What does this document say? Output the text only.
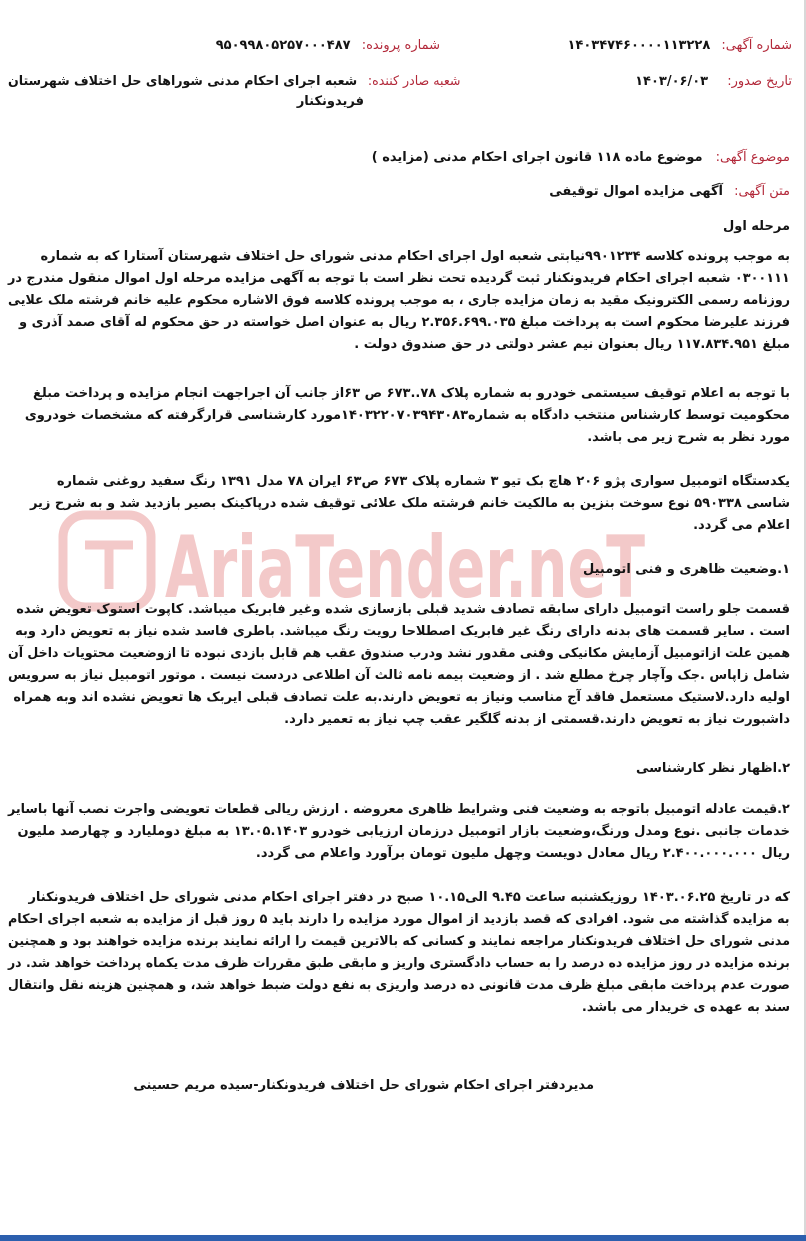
AriaTender.neT
شماره آگهی: ۱۴۰۳۴۷۴۶۰۰۰۰۱۱۳۲۲۸
شماره پرونده: ۹۵۰۹۹۸۰۵۲۵۷۰۰۰۴۸۷
تاریخ صدور: ۱۴۰۳/۰۶/۰۳
شعبه صادر کننده: شعبه اجرای احکام مدنی شوراهای حل اختلاف شهرستان
فریدونکنار
موضوع آگهی: موضوع ماده ۱۱۸ قانون اجرای احکام مدنی (مزایده )
متن آگهی: آگهی مزایده اموال توقیفی
مرحله اول
به موجب پرونده کلاسه ۹۹۰۱۲۳۴نیابتی شعبه اول اجرای احکام مدنی شورای حل اختلاف شهرستان آستارا که به شماره
۰۳۰۰۱۱۱ شعبه اجرای احکام فریدونکنار ثبت گردیده تحت نظر است با توجه به آگهی مزایده مرحله اول اموال منقول مندرج در
روزنامه رسمی الکترونیک مقید به زمان مزایده جاری ، به موجب پرونده کلاسه فوق الاشاره محکوم علیه خانم فرشته ملک علایی
فرزند علیرضا محکوم است به پرداخت مبلغ ۲.۳۵۶.۶۹۹.۰۳۵ ریال به عنوان اصل خواسته در حق محکوم له آقای صمد آذری و
مبلغ ۱۱۷.۸۳۴.۹۵۱ ریال بعنوان نیم عشر دولتی در حق صندوق دولت .
با توجه به اعلام توقیف سیستمی خودرو به شماره پلاک ۷۸..۶۷۳ ص ۶۳از جانب آن اجراجهت انجام مزایده و پرداخت مبلغ
محکومیت توسط کارشناس منتخب دادگاه به شماره۱۴۰۳۲۲۰۷۰۳۹۴۳۰۸۳مورد کارشناسی قرارگرفته که مشخصات خودروی
مورد نظر به شرح زیر می باشد.
یکدستگاه اتومبیل سواری پژو ۲۰۶ هاچ بک تیو ۳ شماره پلاک ۶۷۳ ص۶۳ ایران ۷۸ مدل ۱۳۹۱ رنگ سفید روغنی شماره
شاسی ۵۹۰۳۳۸ نوع سوخت بنزین به مالکیت خانم فرشته ملک علائی توقیف شده درپاکینک بصیر بازدید شد و به شرح زیر
اعلام می گردد.
۱.وضعیت ظاهری و فنی اتومبیل
قسمت جلو راست اتومبیل دارای سابقه تصادف شدید قبلی بازسازی شده وغیر فابریک میباشد. کاپوت استوک تعویض شده
است . سایر قسمت های بدنه دارای رنگ غیر فابریک اصطلاحا رویت رنگ میباشد. باطری فاسد شده نیاز به تعویض دارد وبه
همین علت ازاتومبیل آزمایش مکانیکی وفنی مقدور نشد ودرب صندوق عقب هم قابل بازدی نبوده تا ازوضعیت محتویات داخل آن
شامل زاپاس .جک وآچار چرخ مطلع شد . از وضعیت بیمه نامه ثالث آن اطلاعی دردست نیست . موتور اتومبیل نیاز به سرویس
اولیه دارد.لاستیک مستعمل فاقد آج مناسب ونیاز به تعویض دارند.به علت تصادف قبلی ایربک ها تعویض نشده اند وبه همراه
داشبورت نیاز به تعویض دارند.قسمتی از بدنه گلگیر عقب چپ نیاز به تعمیر دارد.
۲.اظهار نظر کارشناسی
۲.قیمت عادله اتومبیل باتوجه به وضعیت فنی وشرایط ظاهری معروضه . ارزش ریالی قطعات تعویضی واجرت نصب آنها باسایر
خدمات جانبی .نوع ومدل ورنگ،وضعیت بازار اتومبیل درزمان ارزیابی خودرو ۱۳.۰۵.۱۴۰۳ به مبلغ دوملیارد و چهارصد ملیون
ریال ۲.۴۰۰.۰۰۰.۰۰۰ ریال معادل دویست وچهل ملیون تومان برآورد واعلام می گردد.
که در تاریخ ۱۴۰۳.۰۶.۲۵ روزیکشنبه ساعت ۹.۴۵ الی۱۰.۱۵ صبح در دفتر اجرای احکام مدنی شورای حل اختلاف فریدونکنار
به مزایده گذاشته می شود. افرادی که قصد بازدید از اموال مورد مزایده را دارند باید ۵ روز قبل از مزایده به شعبه اجرای احکام
مدنی شورای حل اختلاف فریدونکنار مراجعه نمایند و کسانی که بالاترین قیمت را ارائه نمایند برنده مزایده خواهند بود و همچنین
برنده مزایده در روز مزایده ده درصد را به حساب دادگستری واریز و مابقی طبق مقررات ظرف مدت یکماه پرداخت خواهد شد. در
صورت عدم پرداخت مابقی مبلغ ظرف مدت قانونی ده درصد واریزی به نفع دولت ضبط خواهد شد، و همچنین هزینه نقل وانتقال
سند به عهده ی خریدار می باشد.
مدیردفتر اجرای احکام شورای حل اختلاف فریدونکنار-سیده مریم حسینی
